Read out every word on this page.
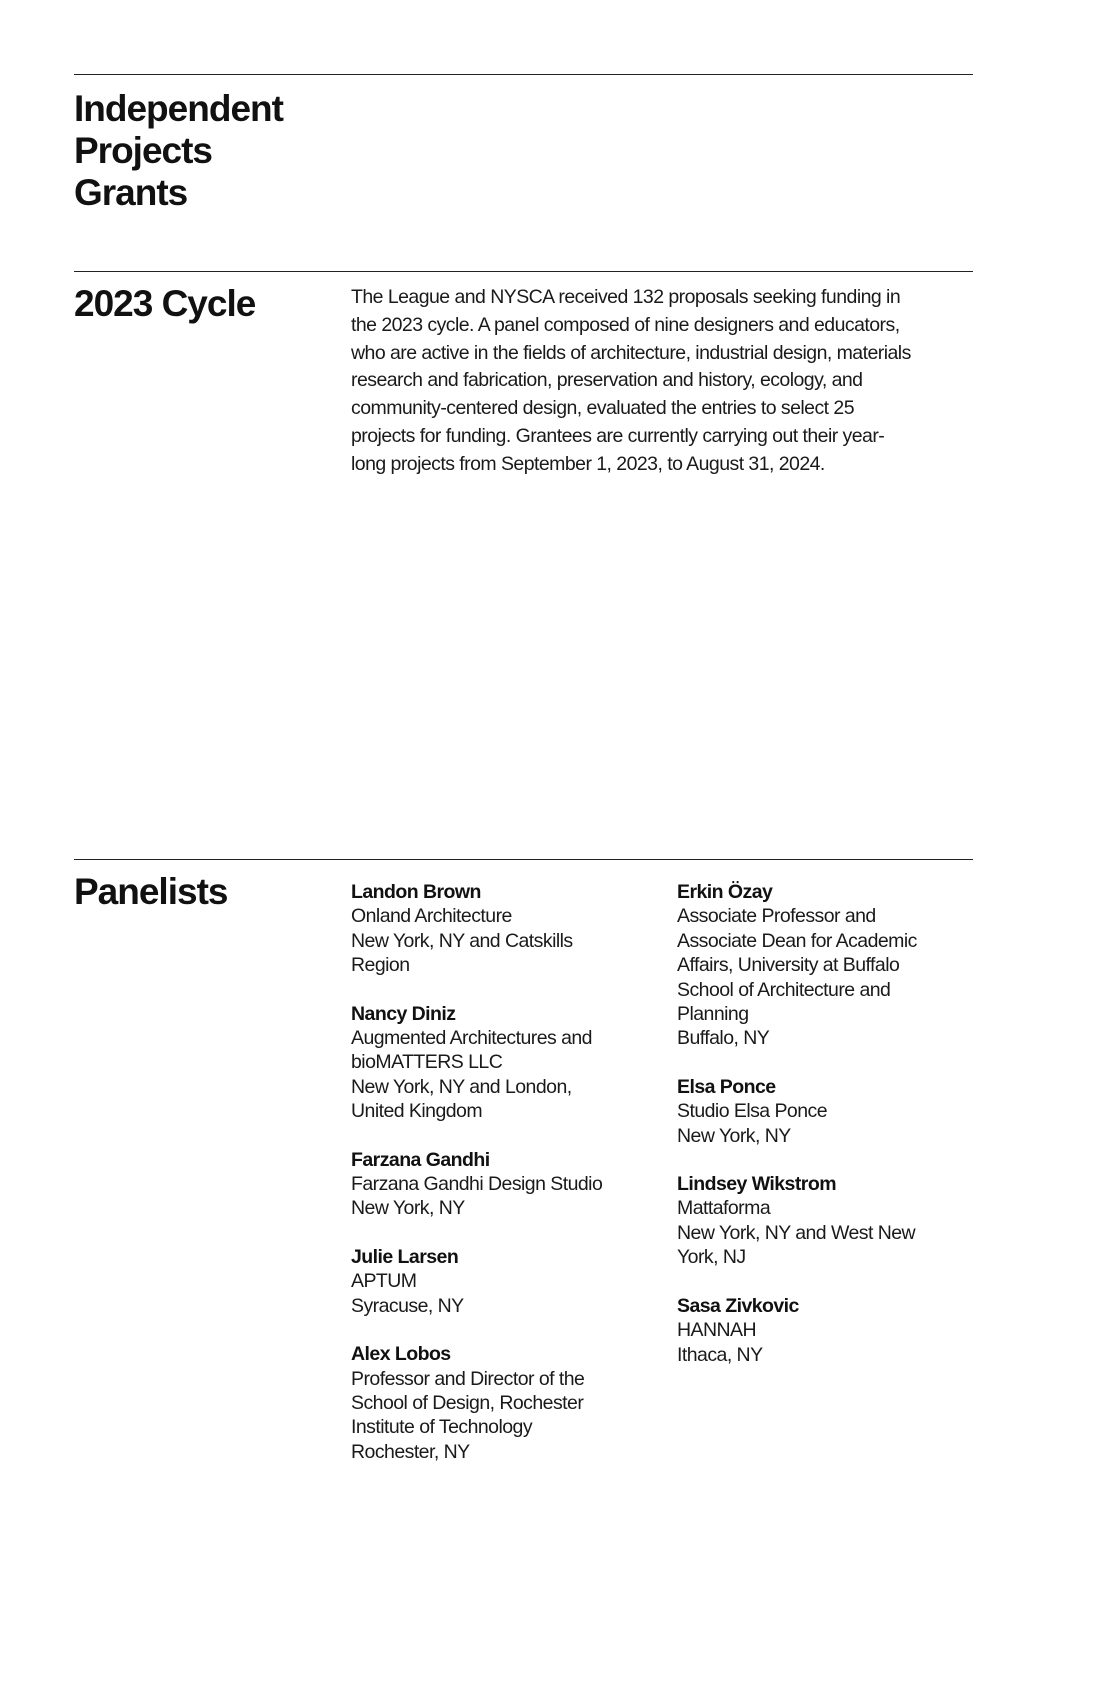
Independent
Projects
Grants
2023 Cycle	The League and NYSCA received 132 proposals seeking funding in
the 2023 cycle. A panel composed of nine designers and educators,
who are active in the fields of architecture, industrial design, materials
research and fabrication, preservation and history, ecology, and
community-centered design, evaluated the entries to select 25
projects for funding. Grantees are currently carrying out their year-
long projects from September 1, 2023, to August 31, 2024.

Panelists	Landon Brown
Onland Architecture
New York, NY and Catskills
Region
Nancy Diniz
Augmented Architectures and
bioMATTERS LLC
New York, NY and London,
United Kingdom
Farzana Gandhi
Farzana Gandhi Design Studio
New York, NY
Julie Larsen
APTUM
Syracuse, NY
Alex Lobos
Professor and Director of the
School of Design, Rochester
Institute of Technology
Rochester, NY
Erkin Özay
Associate Professor and
Associate Dean for Academic
Affairs, University at Buffalo
School of Architecture and
Planning
Buffalo, NY
Elsa Ponce
Studio Elsa Ponce
New York, NY
Lindsey Wikstrom
Mattaforma
New York, NY and West New
York, NJ
Sasa Zivkovic
HANNAH
Ithaca, NY
